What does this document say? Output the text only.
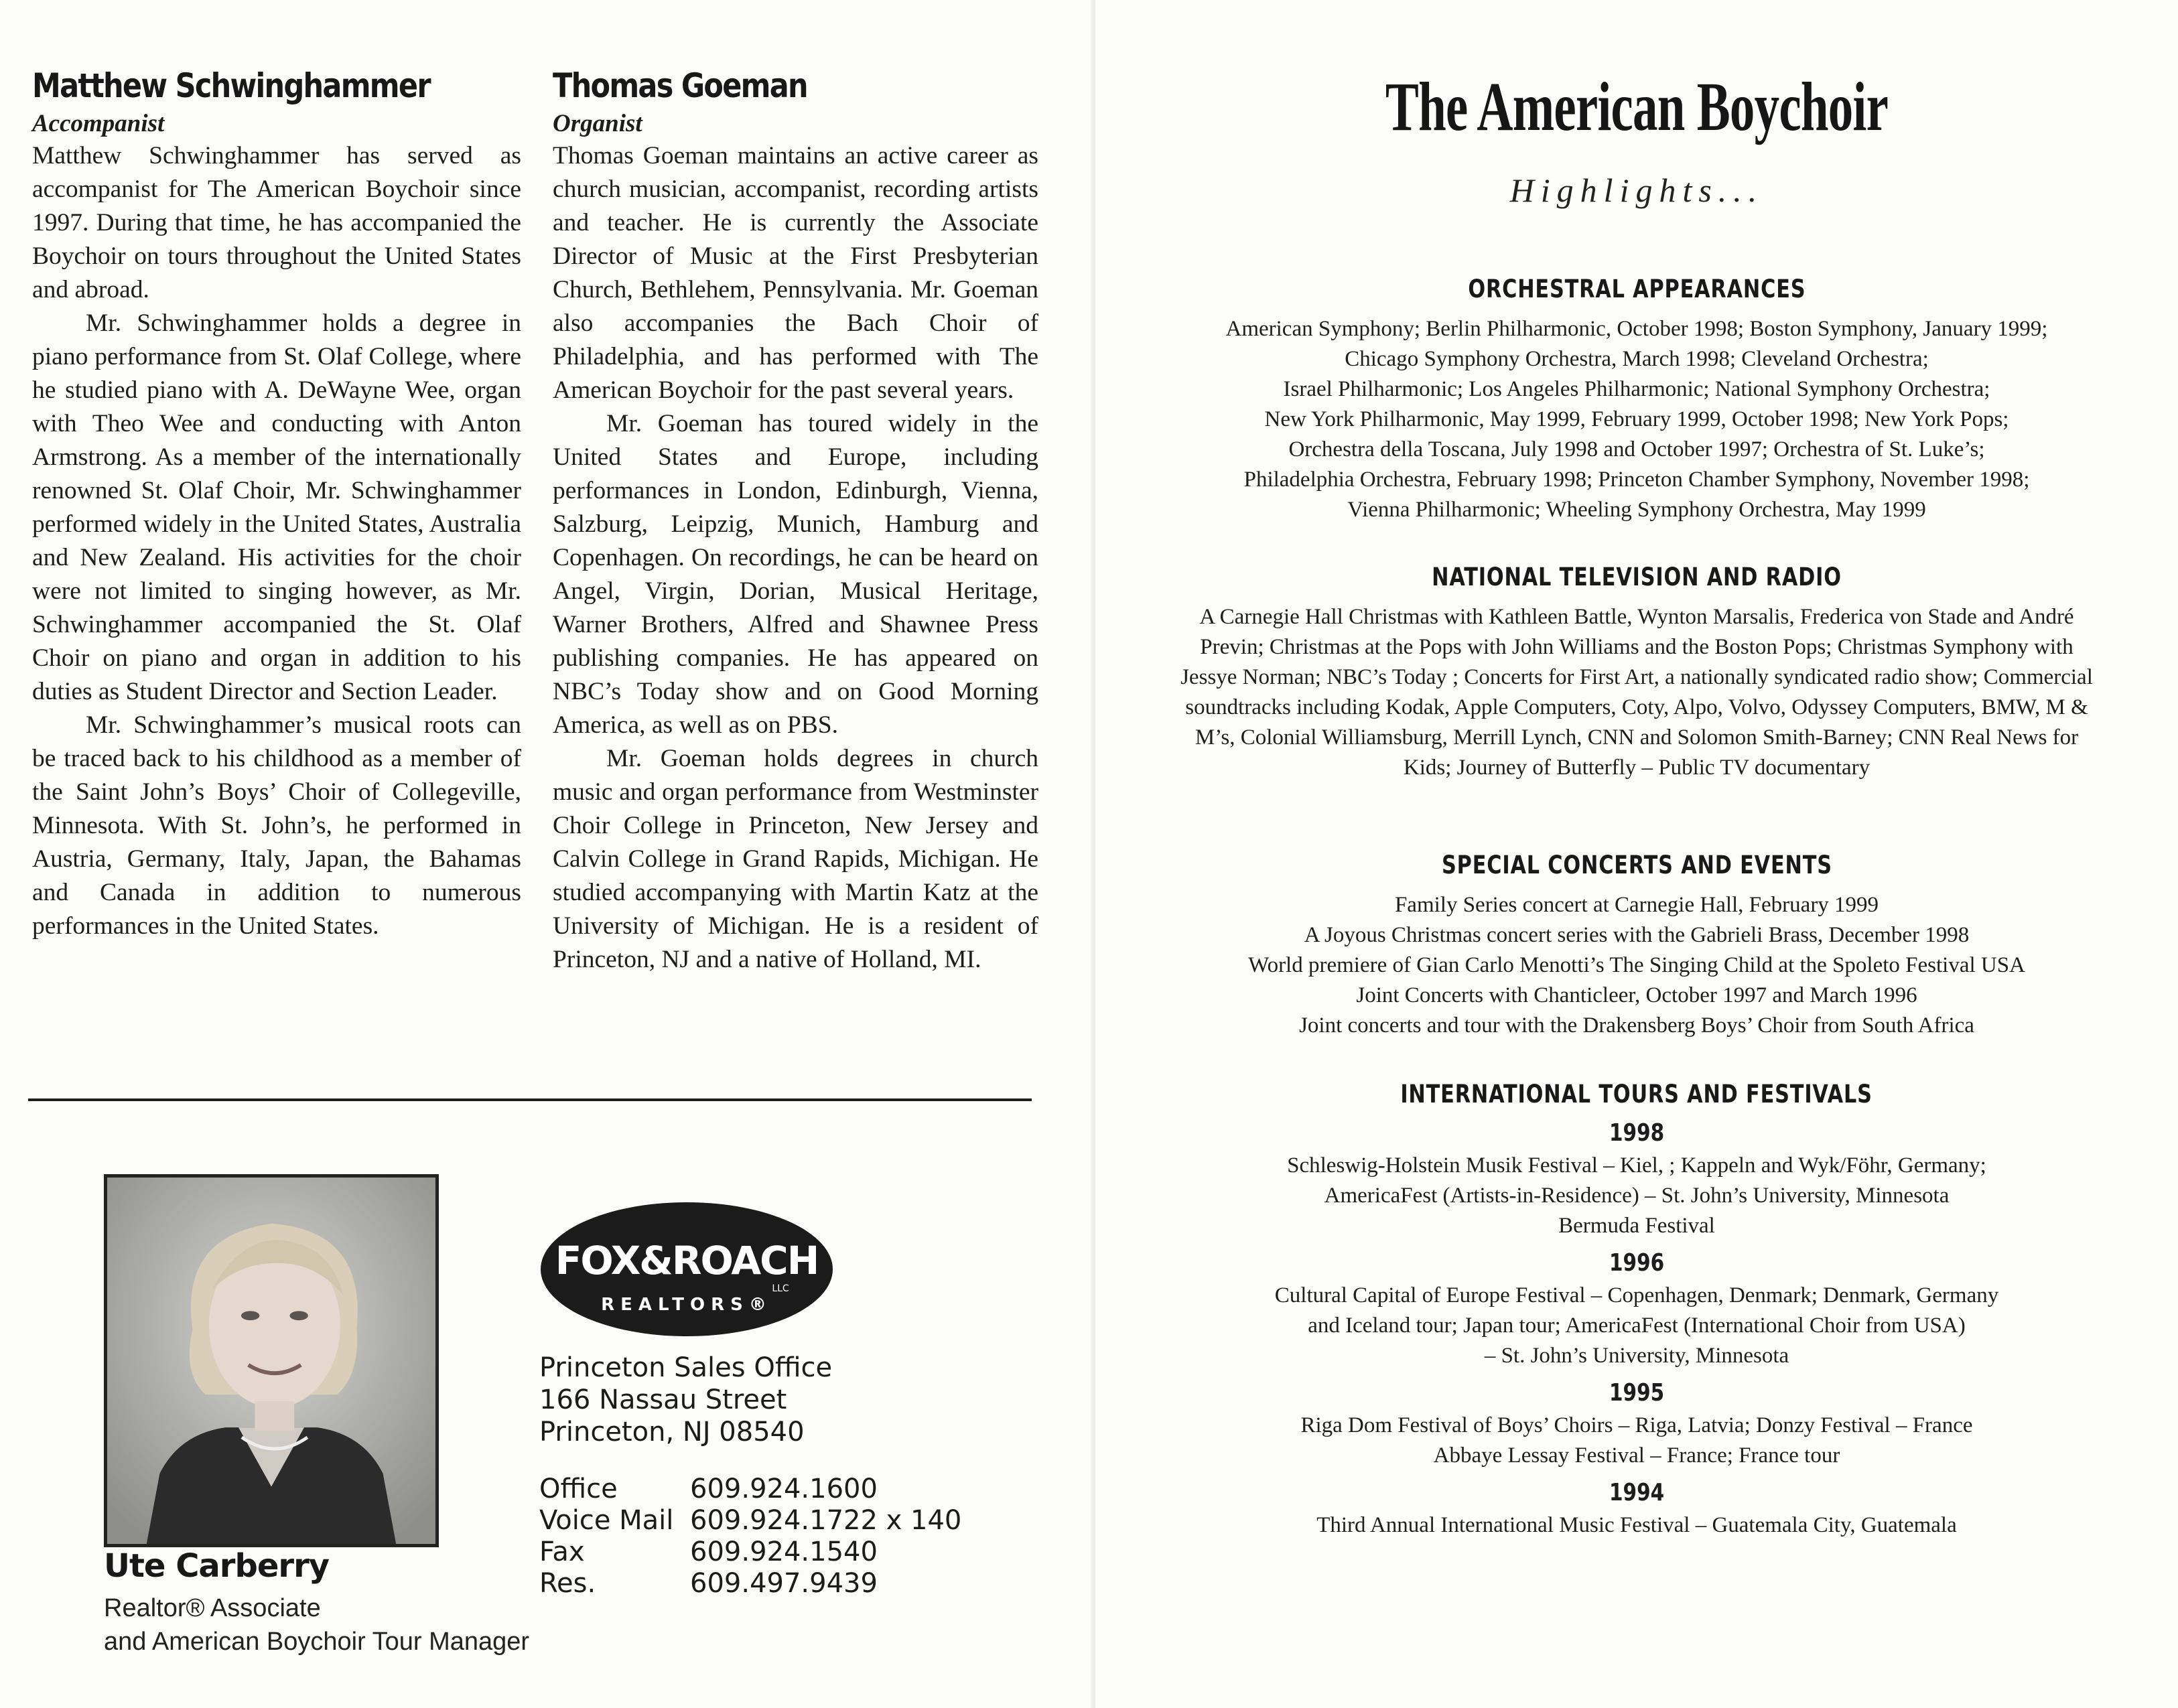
Matthew Schwinghammer
Accompanist

Matthew Schwinghammer has served as accompanist for The American Boychoir since 1997. During that time, he has accompanied the Boychoir on tours throughout the United States and abroad.

Mr. Schwinghammer holds a degree in piano performance from St. Olaf College, where he studied piano with A. DeWayne Wee, organ with Theo Wee and conducting with Anton Armstrong. As a member of the internationally renowned St. Olaf Choir, Mr. Schwinghammer performed widely in the United States, Australia and New Zealand. His activities for the choir were not limited to singing however, as Mr. Schwinghammer accompanied the St. Olaf Choir on piano and organ in addition to his duties as Student Director and Section Leader.

Mr. Schwinghammer’s musical roots can be traced back to his childhood as a member of the Saint John’s Boys’ Choir of Collegeville, Minnesota. With St. John’s, he performed in Austria, Germany, Italy, Japan, the Bahamas and Canada in addition to numerous performances in the United States.

Thomas Goeman
Organist

Thomas Goeman maintains an active career as church musician, accompanist, recording artists and teacher. He is currently the Associate Director of Music at the First Presbyterian Church, Bethlehem, Pennsylvania. Mr. Goeman also accompanies the Bach Choir of Philadelphia, and has performed with The American Boychoir for the past several years.

Mr. Goeman has toured widely in the United States and Europe, including performances in London, Edinburgh, Vienna, Salzburg, Leipzig, Munich, Hamburg and Copenhagen. On recordings, he can be heard on Angel, Virgin, Dorian, Musical Heritage, Warner Brothers, Alfred and Shawnee Press publishing companies. He has appeared on NBC’s Today show and on Good Morning America, as well as on PBS.

Mr. Goeman holds degrees in church music and organ performance from Westminster Choir College in Princeton, New Jersey and Calvin College in Grand Rapids, Michigan. He studied accompanying with Martin Katz at the University of Michigan. He is a resident of Princeton, NJ and a native of Holland, MI.

Ute Carberry
Realtor® Associate
and American Boychoir Tour Manager
FOX&ROACH
LLC
REALTORS®
Princeton Sales Office
166 Nassau Street
Princeton, NJ 08540
Office	609.924.1600
Voice Mail 609.924.1722 x 140
Fax	609.924.1540
Res.	609.497.9439
The American Boychoir
Highlights...
ORCHESTRAL APPEARANCES

American Symphony; Berlin Philharmonic, October 1998; Boston Symphony, January 1999;

Chicago Symphony Orchestra, March 1998; Cleveland Orchestra;

Israel Philharmonic; Los Angeles Philharmonic; National Symphony Orchestra;

New York Philharmonic, May 1999, February 1999, October 1998; New York Pops;

Orchestra della Toscana, July 1998 and October 1997; Orchestra of St. Luke’s;

Philadelphia Orchestra, February 1998; Princeton Chamber Symphony, November 1998;

Vienna Philharmonic; Wheeling Symphony Orchestra, May 1999

NATIONAL TELEVISION AND RADIO

A Carnegie Hall Christmas with Kathleen Battle, Wynton Marsalis, Frederica von Stade and André Previn; Christmas at the Pops with John Williams and the Boston Pops; Christmas Symphony with Jessye Norman; NBC’s Today ; Concerts for First Art, a nationally syndicated radio show; Commercial soundtracks including Kodak, Apple Computers, Coty, Alpo, Volvo, Odyssey Computers, BMW, M & M’s, Colonial Williamsburg, Merrill Lynch, CNN and Solomon Smith-Barney; CNN Real News for Kids; Journey of Butterfly – Public TV documentary

SPECIAL CONCERTS AND EVENTS

Family Series concert at Carnegie Hall, February 1999

A Joyous Christmas concert series with the Gabrieli Brass, December 1998

World premiere of Gian Carlo Menotti’s The Singing Child at the Spoleto Festival USA

Joint Concerts with Chanticleer, October 1997 and March 1996

Joint concerts and tour with the Drakensberg Boys’ Choir from South Africa

INTERNATIONAL TOURS AND FESTIVALS
1998

Schleswig-Holstein Musik Festival – Kiel, ; Kappeln and Wyk/Föhr, Germany;

AmericaFest (Artists-in-Residence) – St. John’s University, Minnesota

Bermuda Festival

1996

Cultural Capital of Europe Festival – Copenhagen, Denmark; Denmark, Germany

and Iceland tour; Japan tour; AmericaFest (International Choir from USA)

– St. John’s University, Minnesota

1995

Riga Dom Festival of Boys’ Choirs – Riga, Latvia; Donzy Festival – France

Abbaye Lessay Festival – France; France tour

1994

Third Annual International Music Festival – Guatemala City, Guatemala
